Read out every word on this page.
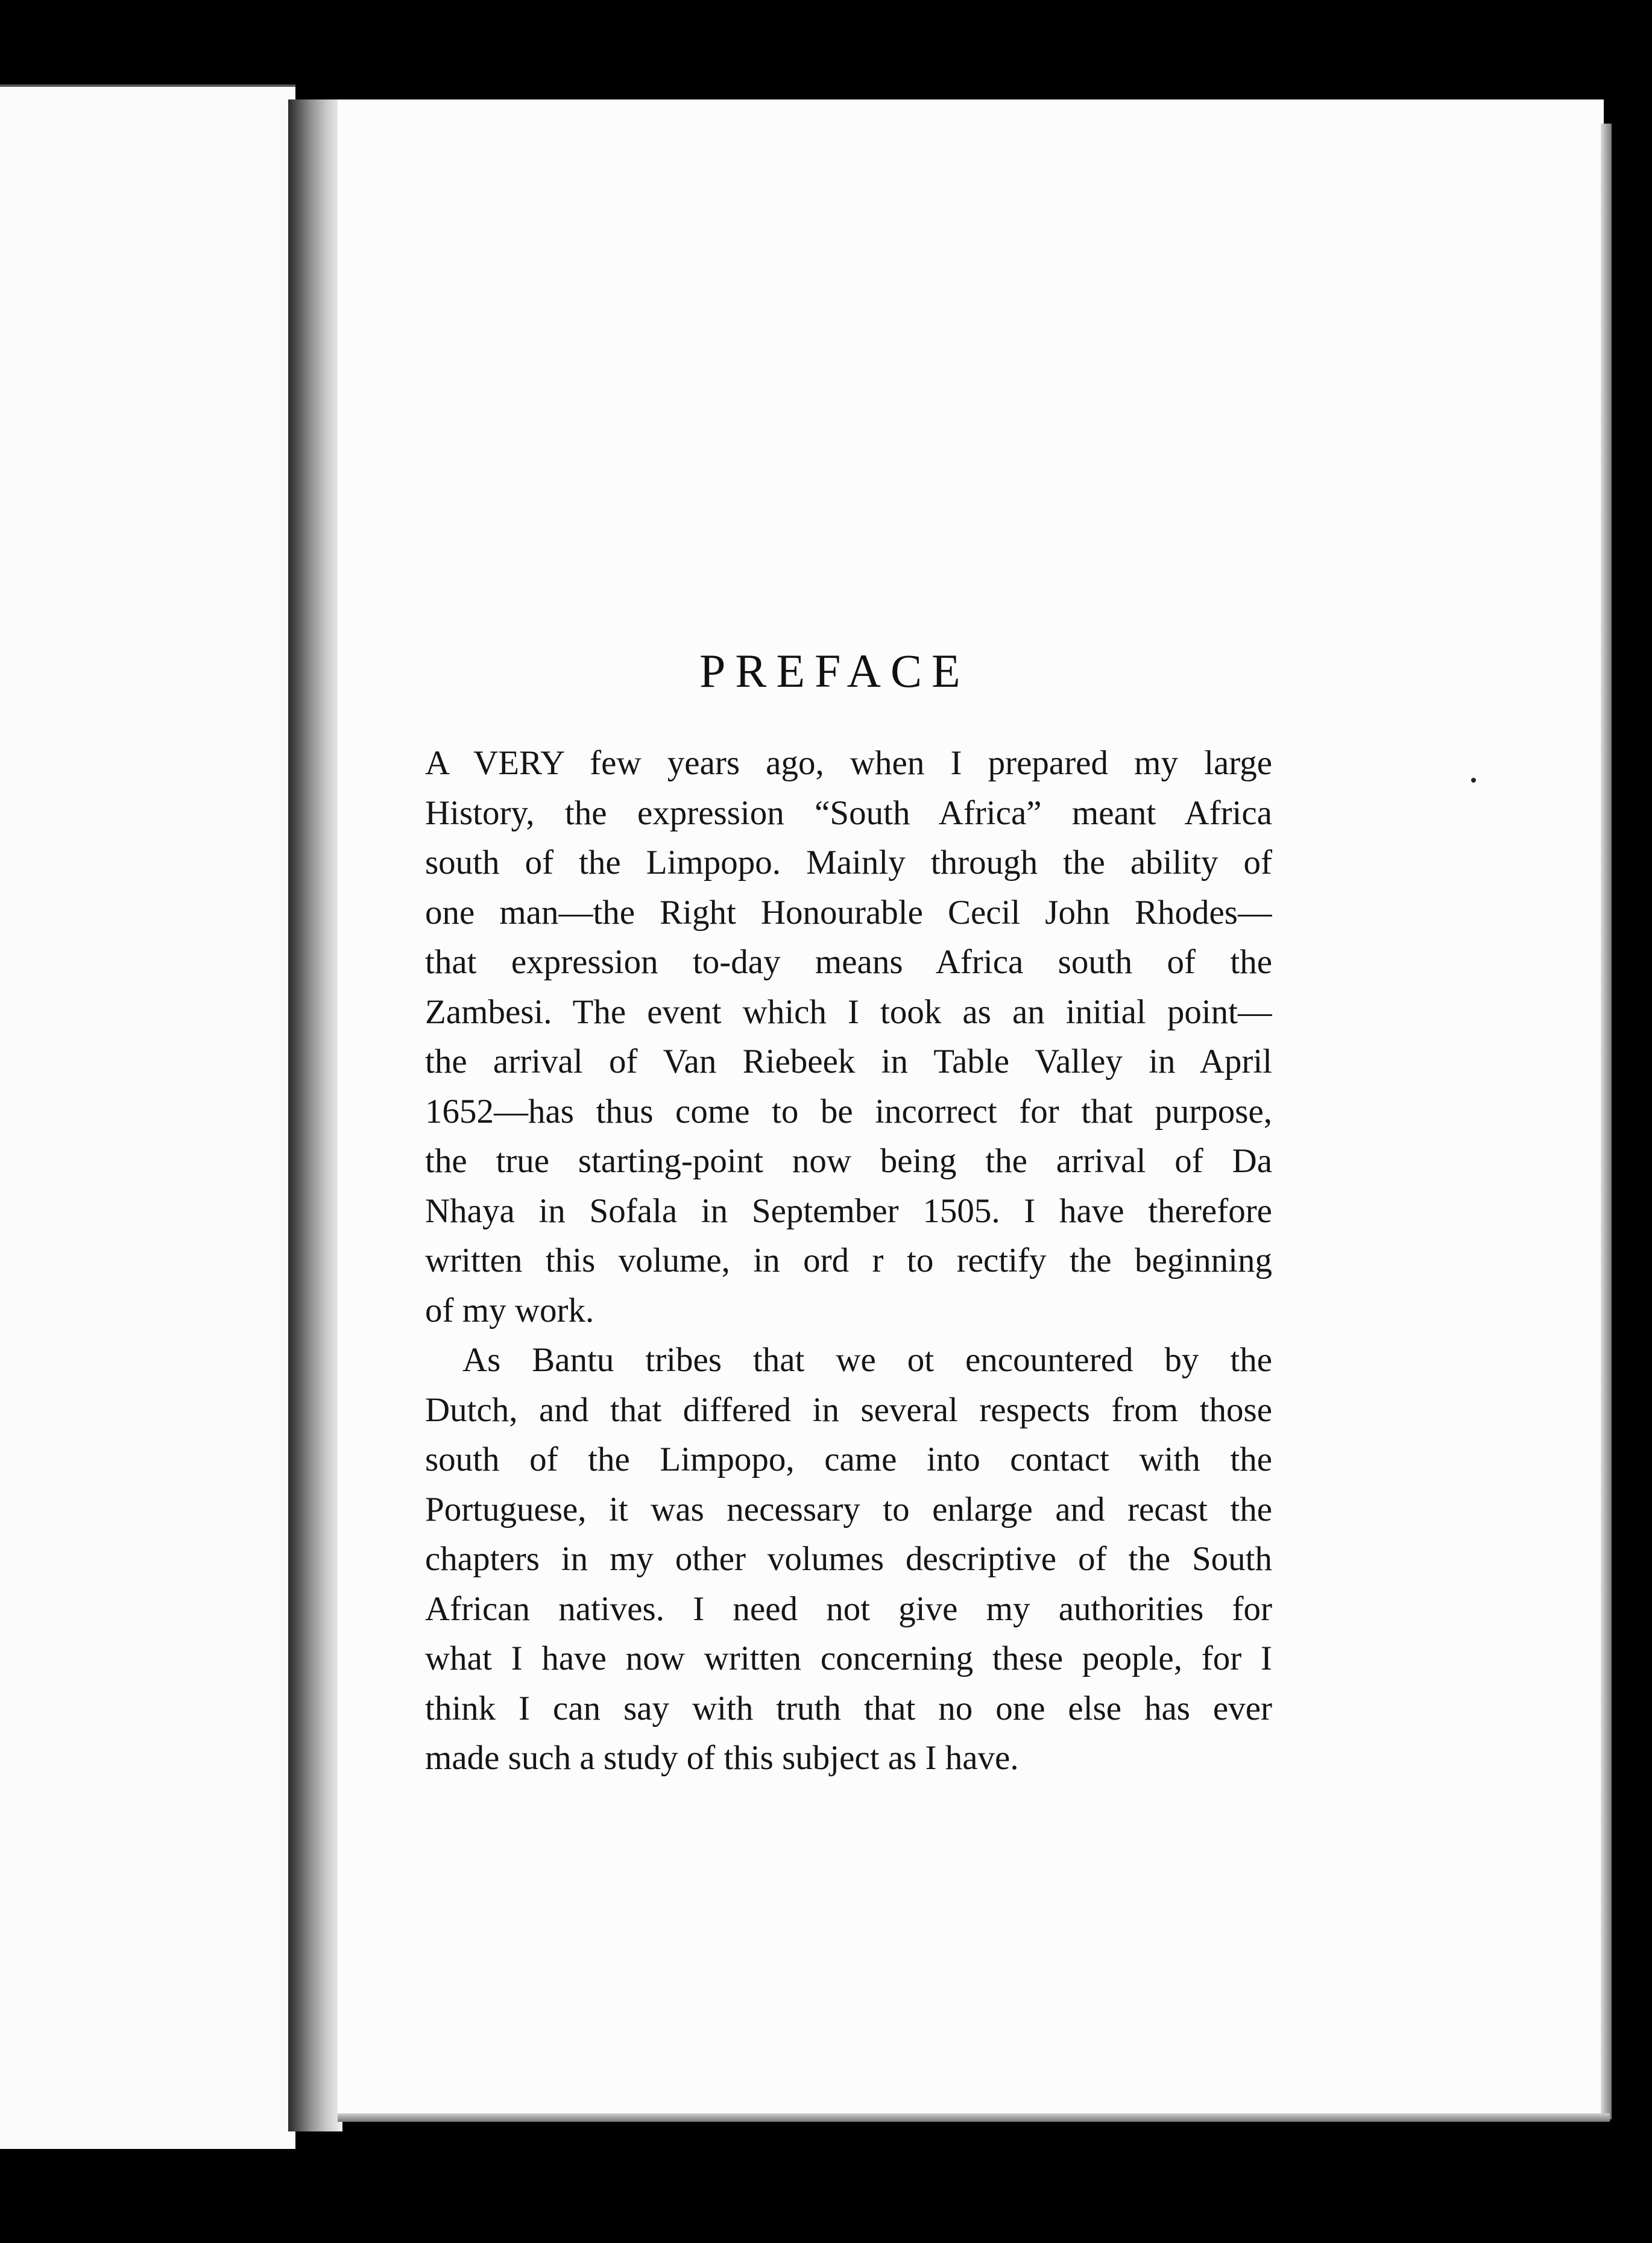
PREFACE

A VERY few years ago, when I prepared my large
History, the expression “South Africa” meant Africa
south of the Limpopo. Mainly through the ability of
one man—the Right Honourable Cecil John Rhodes—
that expression to-day means Africa south of the
Zambesi. The event which I took as an initial point—
the arrival of Van Riebeek in Table Valley in April
1652—has thus come to be incorrect for that purpose,
the true starting-point now being the arrival of Da
Nhaya in Sofala in September 1505. I have therefore
written this volume, in ord r to rectify the beginning
of my work.

As Bantu tribes that we ot encountered by the
Dutch, and that differed in several respects from those
south of the Limpopo, came into contact with the
Portuguese, it was necessary to enlarge and recast the
chapters in my other volumes descriptive of the South
African natives. I need not give my authorities for
what I have now written concerning these people, for I
think I can say with truth that no one else has ever
made such a study of this subject as I have.
